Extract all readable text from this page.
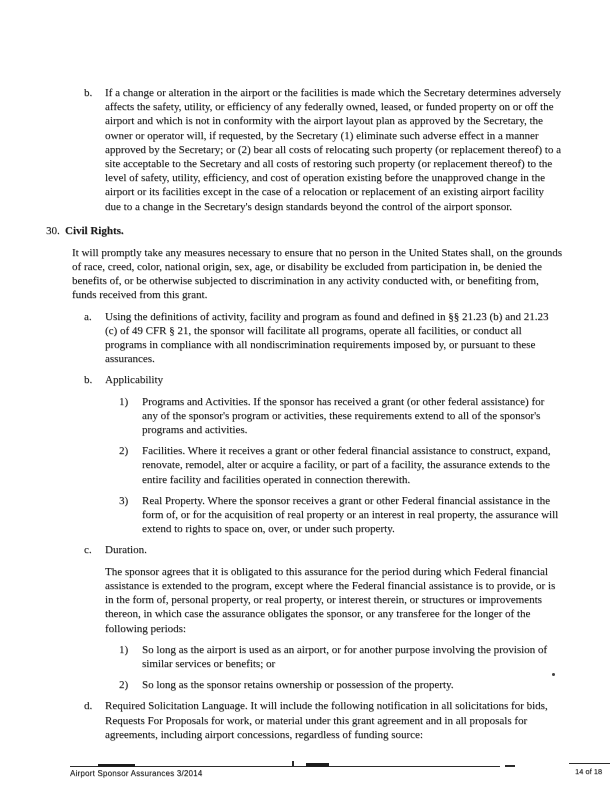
b.	If a change or alteration in the airport or the facilities is made which the Secretary determines adversely affects the safety, utility, or efficiency of any federally owned, leased, or funded property on or off the airport and which is not in conformity with the airport layout plan as approved by the Secretary, the owner or operator will, if requested, by the Secretary (1) eliminate such adverse effect in a manner approved by the Secretary; or (2) bear all costs of relocating such property (or replacement thereof) to a site acceptable to the Secretary and all costs of restoring such property (or replacement thereof) to the level of safety, utility, efficiency, and cost of operation existing before the unapproved change in the airport or its facilities except in the case of a relocation or replacement of an existing airport facility due to a change in the Secretary's design standards beyond the control of the airport sponsor.

30. Civil Rights.

It will promptly take any measures necessary to ensure that no person in the United States shall, on the grounds of race, creed, color, national origin, sex, age, or disability be excluded from participation in, be denied the benefits of, or be otherwise subjected to discrimination in any activity conducted with, or benefiting from, funds received from this grant.

a.	Using the definitions of activity, facility and program as found and defined in §§ 21.23 (b) and 21.23 (c) of 49 CFR § 21, the sponsor will facilitate all programs, operate all facilities, or conduct all programs in compliance with all nondiscrimination requirements imposed by, or pursuant to these assurances.

b.	Applicability

1)	Programs and Activities. If the sponsor has received a grant (or other federal assistance) for any of the sponsor's program or activities, these requirements extend to all of the sponsor's programs and activities.

2)	Facilities. Where it receives a grant or other federal financial assistance to construct, expand, renovate, remodel, alter or acquire a facility, or part of a facility, the assurance extends to the entire facility and facilities operated in connection therewith.

3)	Real Property. Where the sponsor receives a grant or other Federal financial assistance in the form of, or for the acquisition of real property or an interest in real property, the assurance will extend to rights to space on, over, or under such property.

c.	Duration.

The sponsor agrees that it is obligated to this assurance for the period during which Federal financial assistance is extended to the program, except where the Federal financial assistance is to provide, or is in the form of, personal property, or real property, or interest therein, or structures or improvements thereon, in which case the assurance obligates the sponsor, or any transferee for the longer of the following periods:

1)	So long as the airport is used as an airport, or for another purpose involving the provision of similar services or benefits; or

2)	So long as the sponsor retains ownership or possession of the property.

d.	Required Solicitation Language. It will include the following notification in all solicitations for bids, Requests For Proposals for work, or material under this grant agreement and in all proposals for agreements, including airport concessions, regardless of funding source:

Airport Sponsor Assurances 3/2014	14 of 18
